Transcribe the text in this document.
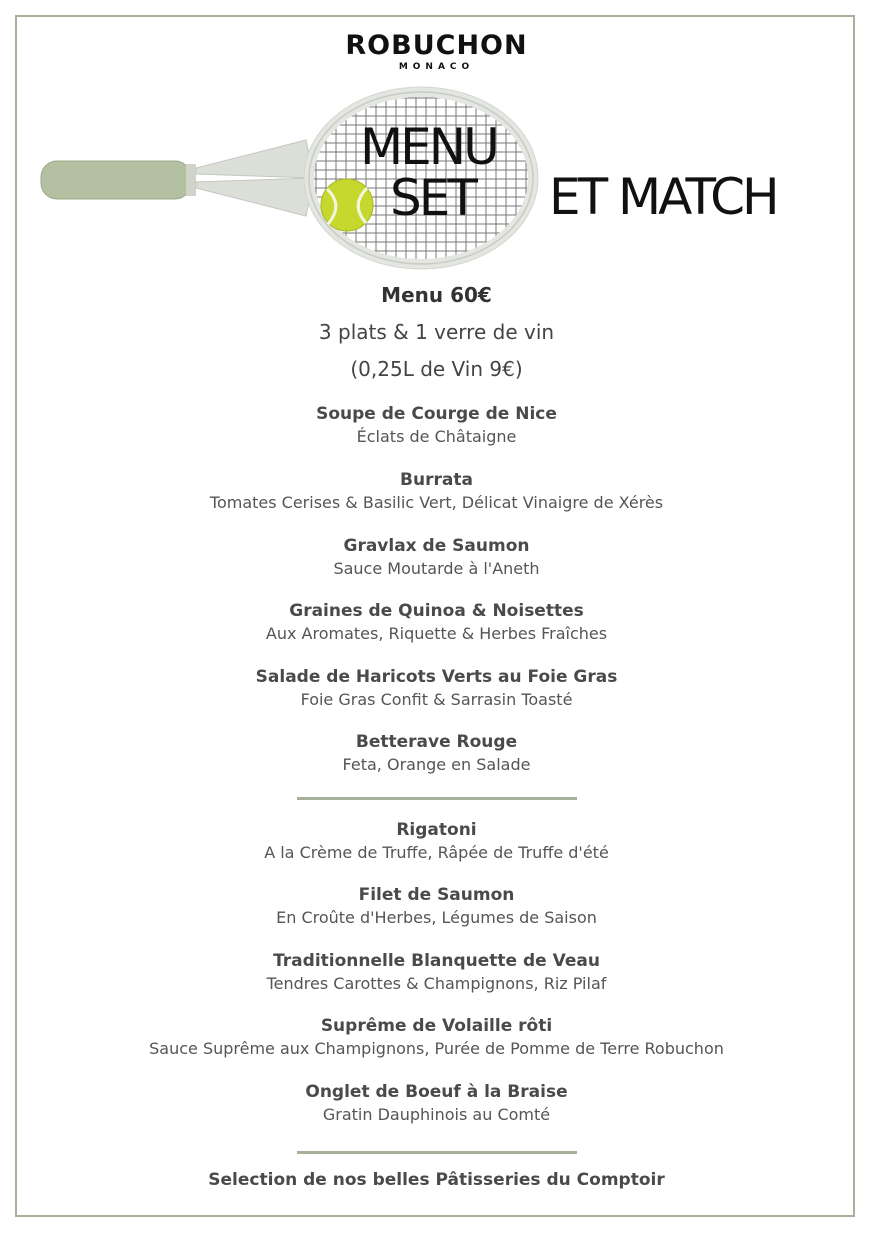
ROBUCHON
MONACO
MENU
SET ET MATCH
Menu 60€
3 plats & 1 verre de vin
(0,25L de Vin 9€)
Soupe de Courge de Nice
Éclats de Châtaigne
Burrata
Tomates Cerises & Basilic Vert, Délicat Vinaigre de Xérès
Gravlax de Saumon
Sauce Moutarde à l'Aneth
Graines de Quinoa & Noisettes
Aux Aromates, Riquette & Herbes Fraîches
Salade de Haricots Verts au Foie Gras
Foie Gras Confit & Sarrasin Toasté
Betterave Rouge
Feta, Orange en Salade
Rigatoni
A la Crème de Truffe, Râpée de Truffe d'été
Filet de Saumon
En Croûte d'Herbes, Légumes de Saison
Traditionnelle Blanquette de Veau
Tendres Carottes & Champignons, Riz Pilaf
Suprême de Volaille rôti
Sauce Suprême aux Champignons, Purée de Pomme de Terre Robuchon
Onglet de Boeuf à la Braise
Gratin Dauphinois au Comté
Selection de nos belles Pâtisseries du Comptoir
